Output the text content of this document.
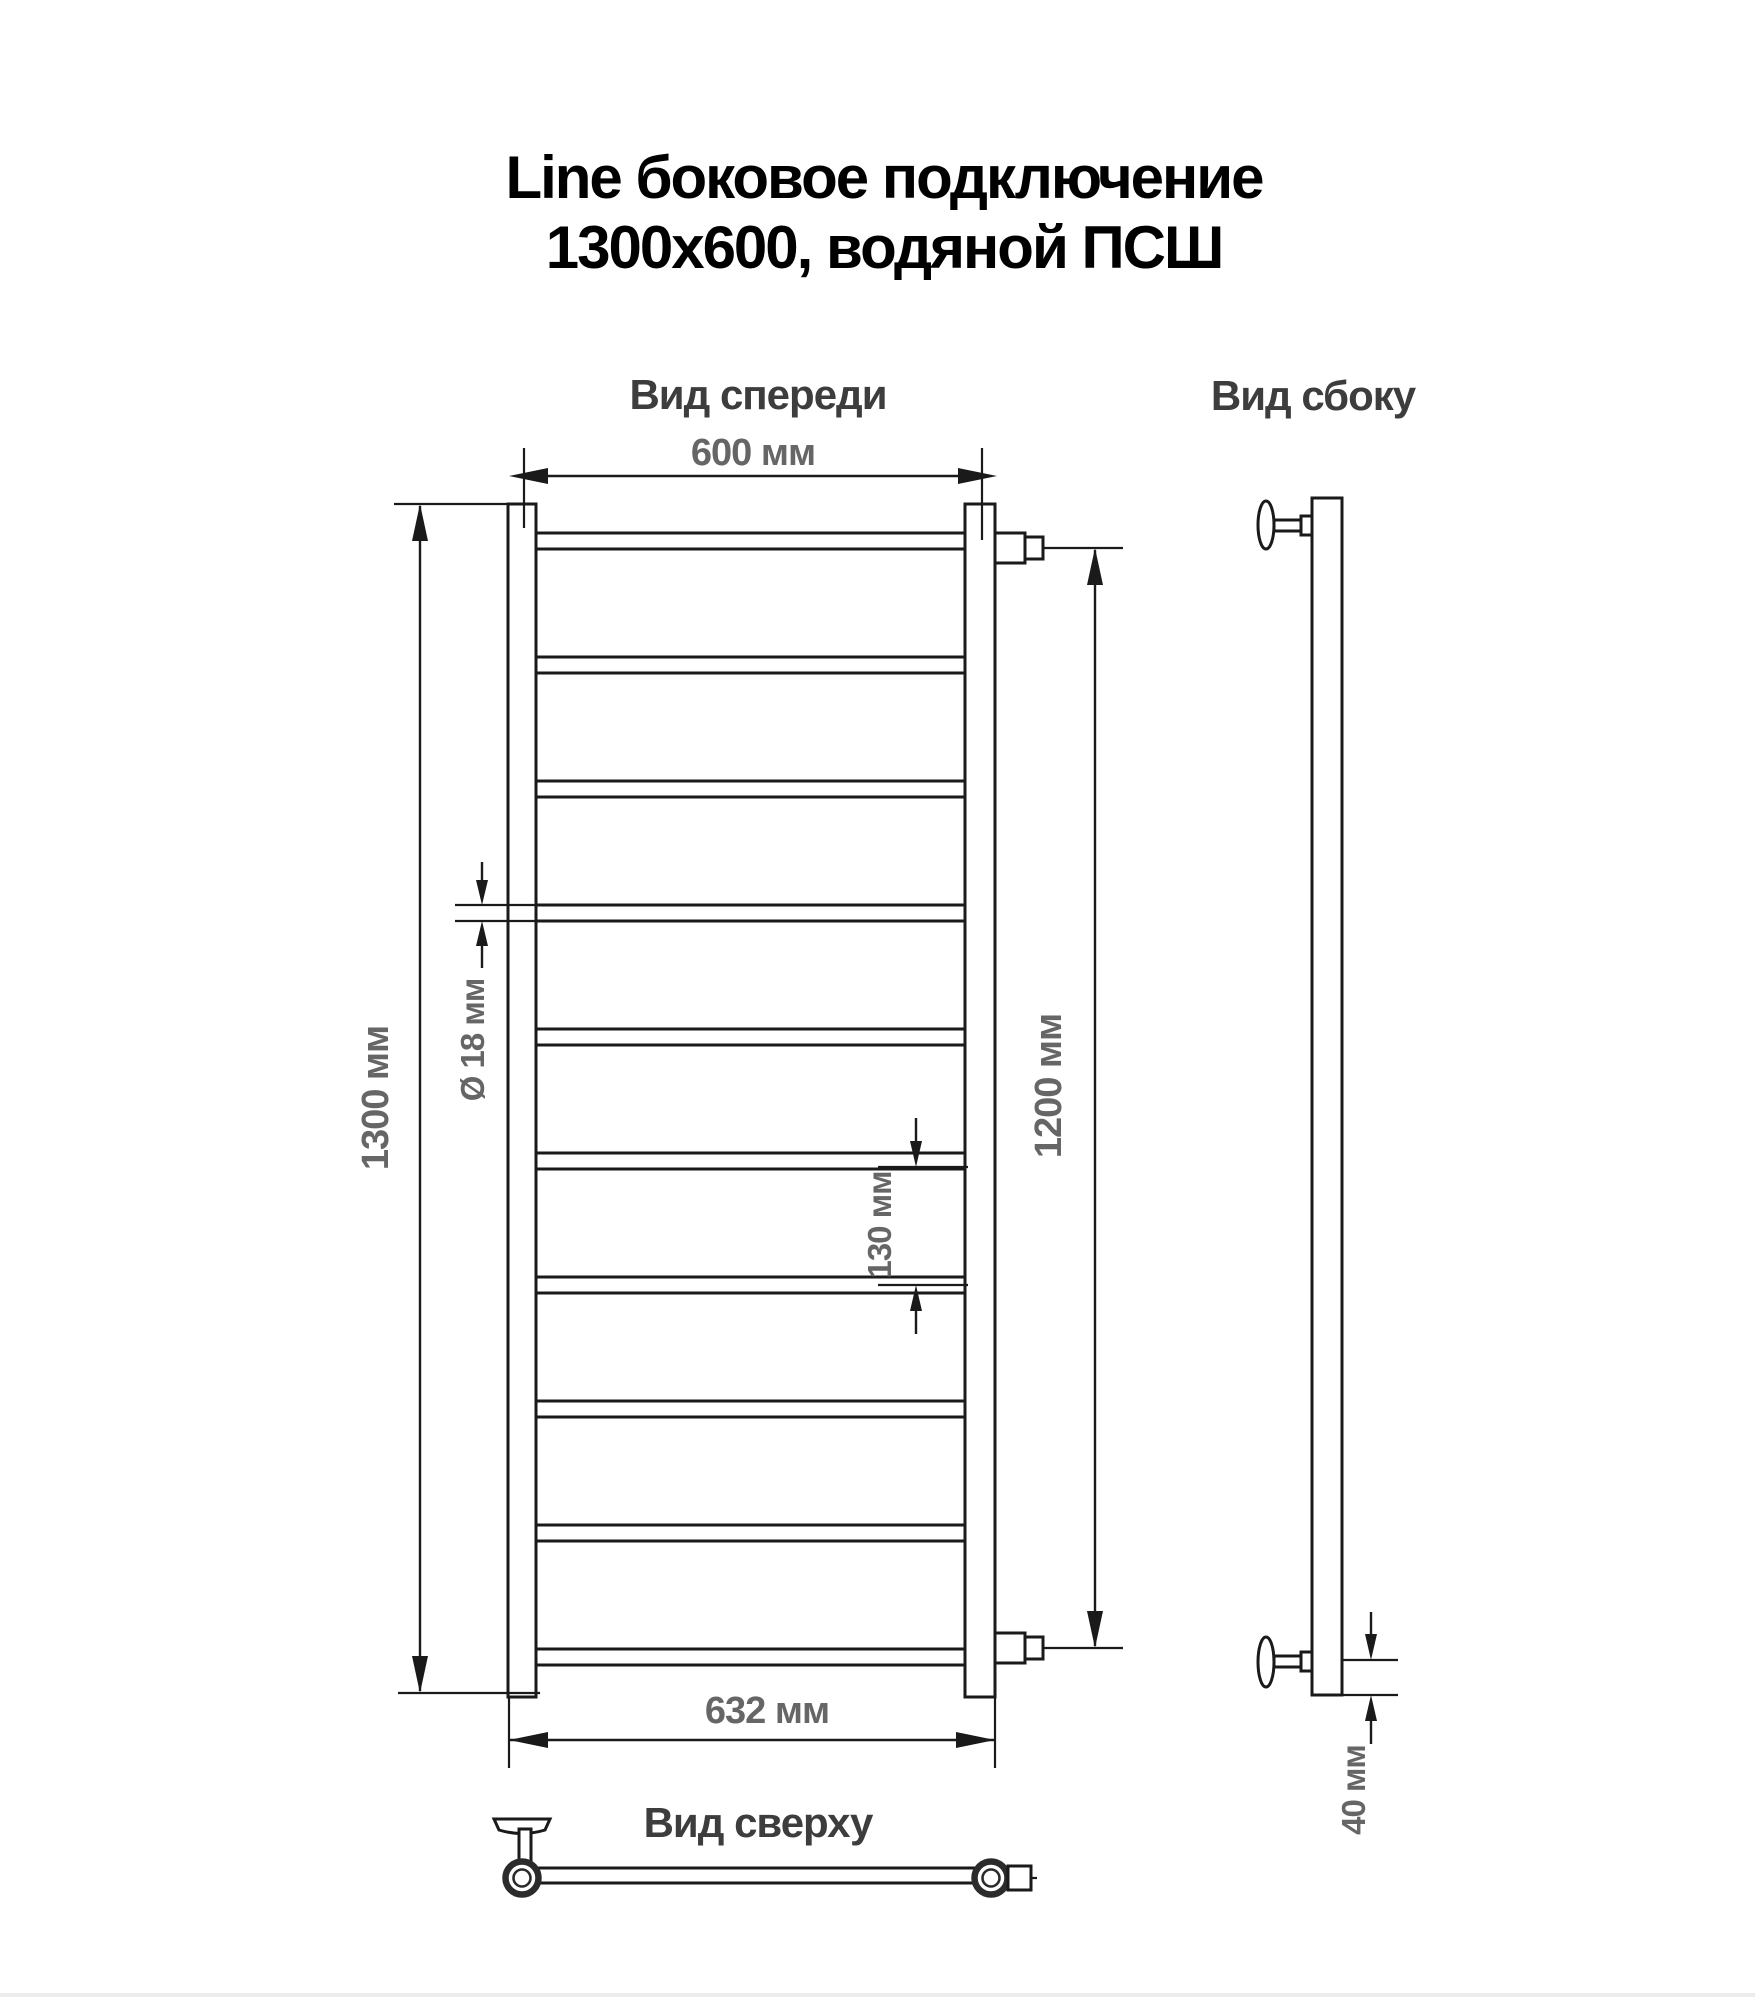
Line боковое подключение
1300х600, водяной ПСШ
Вид спереди
600 мм
1300 мм Ø 18 мм
130 мм
1200 мм
632 мм
Вид сбоку
40 мм
Вид сверху
